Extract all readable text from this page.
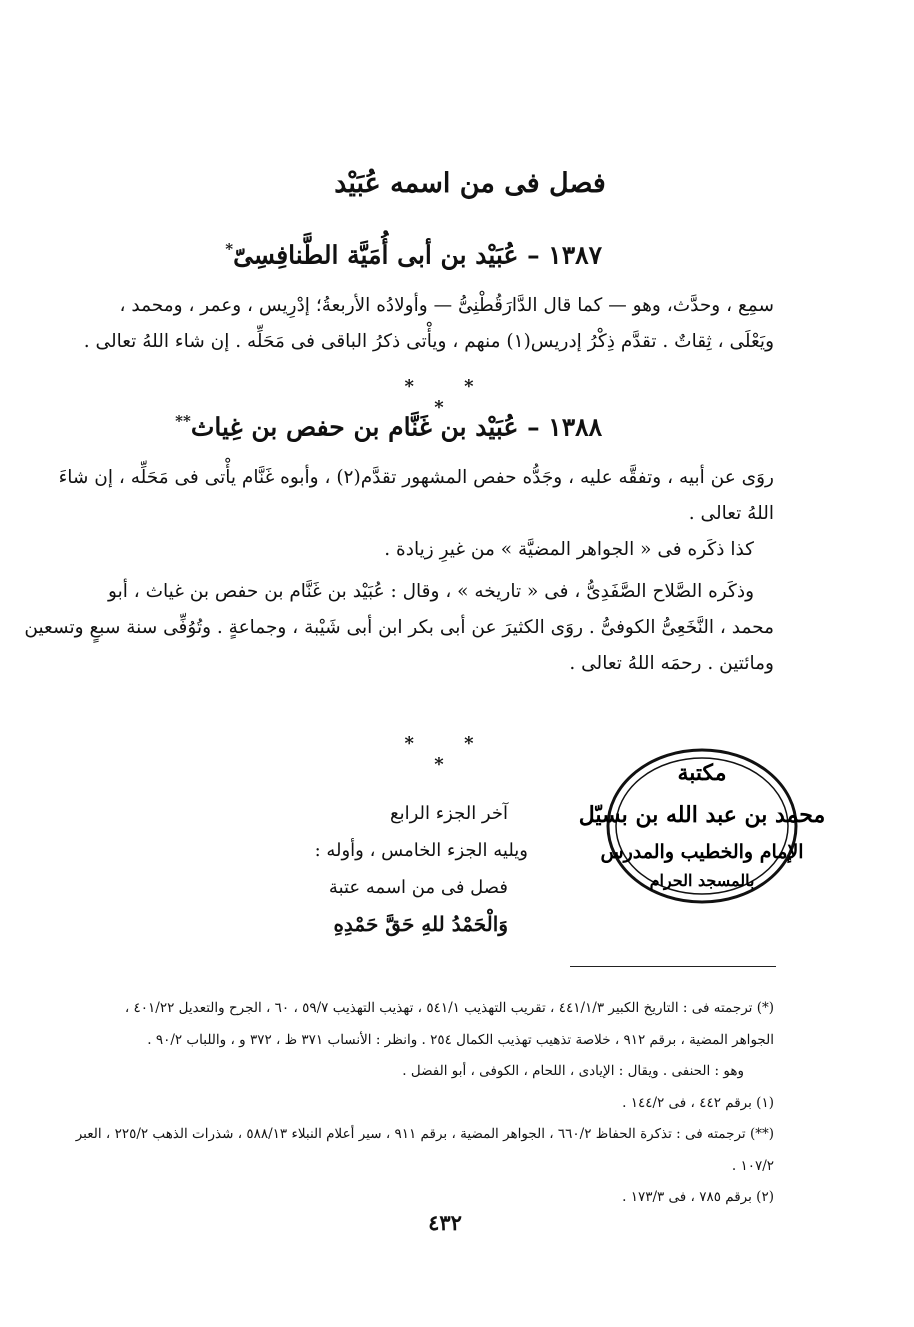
فصل فى من اسمه عُبَيْد
١٣٨٧ – عُبَيْد بن أبى أُمَيَّة الطَّنافِسِىّ*
سمِع ، وحدَّث، وهو — كما قال الدَّارَقُطْنِىُّ — وأولادُه الأربعةُ؛ إدْرِيس ، وعمر ، ومحمد ،
ويَعْلَى ، ثِقاتٌ . تقدَّم ذِكْرُ إدريس(١) منهم ، ويأْتى ذكرُ الباقى فى مَحَلِّه . إن شاء اللهُ تعالى .
* * *
١٣٨٨ – عُبَيْد بن غَنَّام بن حفص بن غِياث**
روَى عن أبيه ، وتفقَّه عليه ، وجَدُّه حفص المشهور تقدَّم(٢) ، وأبوه غَنَّام يأْتى فى مَحَلِّه ، إن شاءَ
اللهُ تعالى .
كذا ذكَره فى « الجواهر المضيَّة » من غيرِ زيادة .
وذكَره الصَّلاح الصَّفَدِىُّ ، فى « تاريخه » ، وقال : عُبَيْد بن غَنَّام بن حفص بن غياث ، أبو
محمد ، النَّخَعِىُّ الكوفىُّ . روَى الكثيرَ عن أبى بكر ابن أبى شَيْبة ، وجماعةٍ . وتُوُفِّى سنة سبعٍ وتسعين
ومائتين . رحمَه اللهُ تعالى .
* * *
آخر الجزء الرابع
ويليه الجزء الخامس ، وأوله :
فصل فى من اسمه عتبة
وَالْحَمْدُ للهِ حَقَّ حَمْدِهِ
مكتبة
محمد بن عبد الله بن بسيّل
الإمام والخطيب والمدرس
بالمسجد الحرام
(*) ترجمته فى : التاريخ الكبير ٤٤١/١/٣ ، تقريب التهذيب ٥٤١/١ ، تهذيب التهذيب ٥٩/٧ ، ٦٠ ، الجرح والتعديل ٤٠١/٢٢ ،
الجواهر المضية ، برقم ٩١٢ ، خلاصة تذهيب تهذيب الكمال ٢٥٤ . وانظر : الأنساب ٣٧١ ظ ، ٣٧٢ و ، واللباب ٩٠/٢ .
وهو : الحنفى . ويقال : الإيادى ، اللحام ، الكوفى ، أبو الفضل .
(١) برقم ٤٤٢ ، فى ١٤٤/٢ .
(**) ترجمته فى : تذكرة الحفاظ ٦٦٠/٢ ، الجواهر المضية ، برقم ٩١١ ، سير أعلام النبلاء ٥٨٨/١٣ ، شذرات الذهب ٢٢٥/٢ ، العبر
١٠٧/٢ .
(٢) برقم ٧٨٥ ، فى ١٧٣/٣ .
٤٣٢
